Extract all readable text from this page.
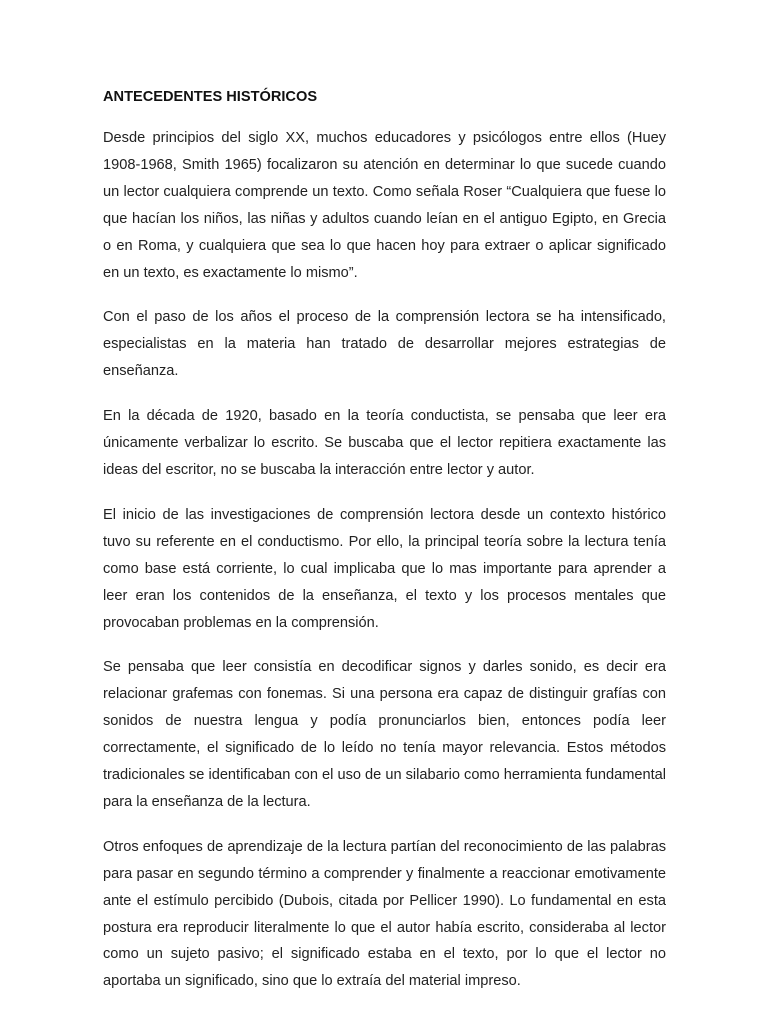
ANTECEDENTES HISTÓRICOS

Desde principios del siglo XX, muchos educadores y psicólogos entre ellos (Huey 1908-1968, Smith 1965) focalizaron su atención en determinar lo que sucede cuando un lector cualquiera comprende un texto. Como señala Roser “Cualquiera que fuese lo que hacían los niños, las niñas y adultos cuando leían en el antiguo Egipto, en Grecia o en Roma, y cualquiera que sea lo que hacen hoy para extraer o aplicar significado en un texto, es exactamente lo mismo”.

Con el paso de los años el proceso de la comprensión lectora se ha intensificado, especialistas en la materia han tratado de desarrollar mejores estrategias de enseñanza.

En la década de 1920, basado en la teoría conductista, se pensaba que leer era únicamente verbalizar lo escrito. Se buscaba que el lector repitiera exactamente las ideas del escritor, no se buscaba la interacción entre lector y autor.

El inicio de las investigaciones de comprensión lectora desde un contexto histórico tuvo su referente en el conductismo. Por ello, la principal teoría sobre la lectura tenía como base está corriente, lo cual implicaba que lo mas importante para aprender a leer eran los contenidos de la enseñanza, el texto y los procesos mentales que provocaban problemas en la comprensión.

Se pensaba que leer consistía en decodificar signos y darles sonido, es decir era relacionar grafemas con fonemas. Si una persona era capaz de distinguir grafías con sonidos de nuestra lengua y podía pronunciarlos bien, entonces podía leer correctamente, el significado de lo leído no tenía mayor relevancia. Estos métodos tradicionales se identificaban con el uso de un silabario como herramienta fundamental para la enseñanza de la lectura.

Otros enfoques de aprendizaje de la lectura partían del reconocimiento de las palabras para pasar en segundo término a comprender y finalmente a reaccionar emotivamente ante el estímulo percibido (Dubois, citada por Pellicer 1990). Lo fundamental en esta postura era reproducir literalmente lo que el autor había escrito, consideraba al lector como un sujeto pasivo; el significado estaba en el texto, por lo que el lector no aportaba un significado, sino que lo extraía del material impreso.
